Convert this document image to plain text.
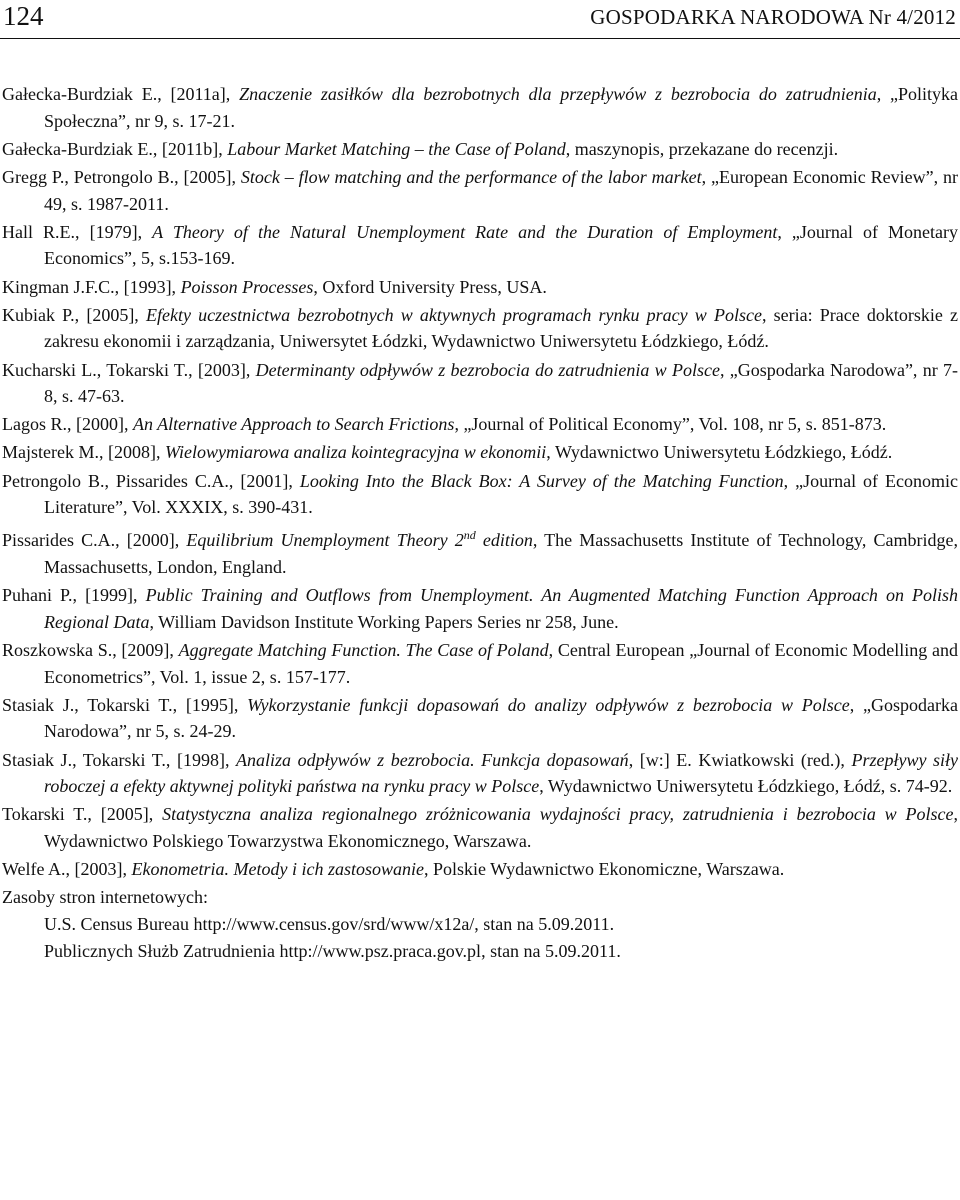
124	GOSPODARKA NARODOWA Nr 4/2012

Gałecka-Burdziak E., [2011a], Znaczenie zasiłków dla bezrobotnych dla przepływów z bezrobocia do zatrudnienia, „Polityka Społeczna”, nr 9, s. 17-21.

Gałecka-Burdziak E., [2011b], Labour Market Matching – the Case of Poland, maszynopis, przekazane do recenzji.

Gregg P., Petrongolo B., [2005], Stock – flow matching and the performance of the labor market, „European Economic Review”, nr 49, s. 1987-2011.

Hall R.E., [1979], A Theory of the Natural Unemployment Rate and the Duration of Employment, „Journal of Monetary Economics”, 5, s.153-169.

Kingman J.F.C., [1993], Poisson Processes, Oxford University Press, USA.

Kubiak P., [2005], Efekty uczestnictwa bezrobotnych w aktywnych programach rynku pracy w Polsce, seria: Prace doktorskie z zakresu ekonomii i zarządzania, Uniwersytet Łódzki, Wydawnictwo Uniwersytetu Łódzkiego, Łódź.

Kucharski L., Tokarski T., [2003], Determinanty odpływów z bezrobocia do zatrudnienia w Polsce, „Gospodarka Narodowa”, nr 7-8, s. 47-63.

Lagos R., [2000], An Alternative Approach to Search Frictions, „Journal of Political Economy”, Vol. 108, nr 5, s. 851-873.

Majsterek M., [2008], Wielowymiarowa analiza kointegracyjna w ekonomii, Wydawnictwo Uniwersytetu Łódzkiego, Łódź.

Petrongolo B., Pissarides C.A., [2001], Looking Into the Black Box: A Survey of the Matching Function, „Journal of Economic Literature”, Vol. XXXIX, s. 390-431.

Pissarides C.A., [2000], Equilibrium Unemployment Theory 2nd edition, The Massachusetts Institute of Technology, Cambridge, Massachusetts, London, England.

Puhani P., [1999], Public Training and Outflows from Unemployment. An Augmented Matching Function Approach on Polish Regional Data, William Davidson Institute Working Papers Series nr 258, June.

Roszkowska S., [2009], Aggregate Matching Function. The Case of Poland, Central European „Journal of Economic Modelling and Econometrics”, Vol. 1, issue 2, s. 157-177.

Stasiak J., Tokarski T., [1995], Wykorzystanie funkcji dopasowań do analizy odpływów z bezrobocia w Polsce, „Gospodarka Narodowa”, nr 5, s. 24-29.

Stasiak J., Tokarski T., [1998], Analiza odpływów z bezrobocia. Funkcja dopasowań, [w:] E. Kwiatkowski (red.), Przepływy siły roboczej a efekty aktywnej polityki państwa na rynku pracy w Polsce, Wydawnictwo Uniwersytetu Łódzkiego, Łódź, s. 74-92.

Tokarski T., [2005], Statystyczna analiza regionalnego zróżnicowania wydajności pracy, zatrudnienia i bezrobocia w Polsce, Wydawnictwo Polskiego Towarzystwa Ekonomicznego, Warszawa.

Welfe A., [2003], Ekonometria. Metody i ich zastosowanie, Polskie Wydawnictwo Ekonomiczne, Warszawa.

Zasoby stron internetowych:

U.S. Census Bureau http://www.census.gov/srd/www/x12a/, stan na 5.09.2011.

Publicznych Służb Zatrudnienia http://www.psz.praca.gov.pl, stan na 5.09.2011.
